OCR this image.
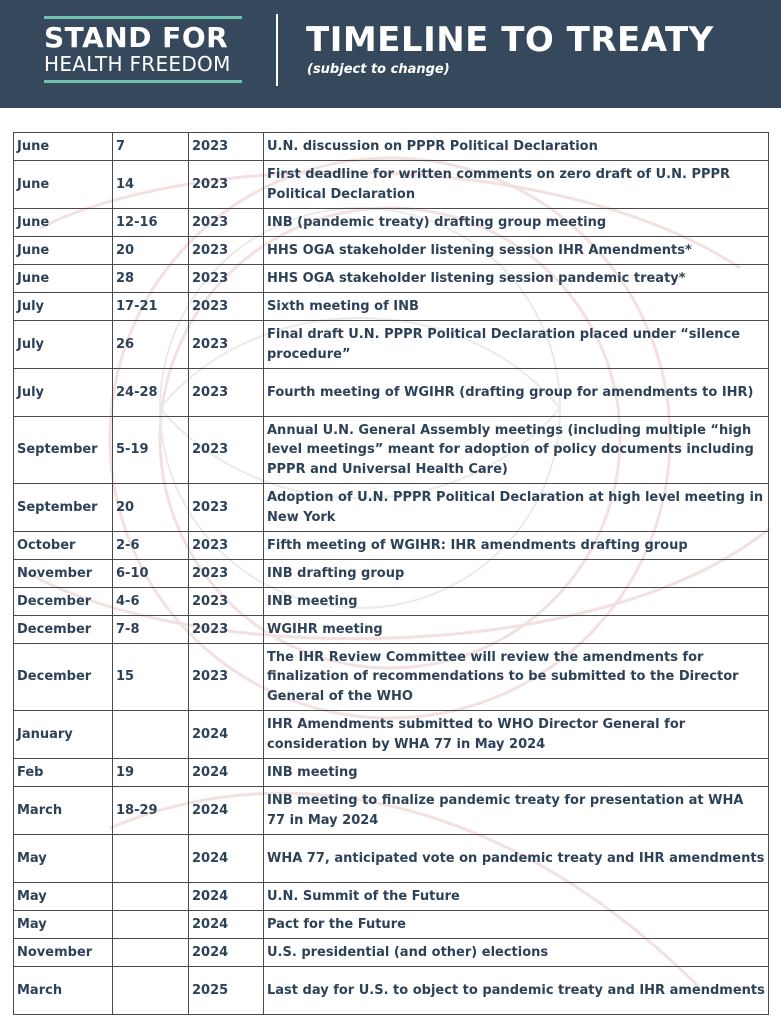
STAND FOR
HEALTH FREEDOM
TIMELINE TO TREATY
(subject to change)
June	7	2023	U.N. discussion on PPPR Political Declaration
June	14	2023	First deadline for written comments on zero draft of U.N. PPPR Political Declaration
June	12-16	2023	INB (pandemic treaty) drafting group meeting
June	20	2023	HHS OGA stakeholder listening session IHR Amendments*
June	28	2023	HHS OGA stakeholder listening session pandemic treaty*
July	17-21	2023	Sixth meeting of INB
July	26	2023	Final draft U.N. PPPR Political Declaration placed under “silence procedure”
July	24-28	2023	Fourth meeting of WGIHR (drafting group for amendments to IHR)
September	5-19	2023	Annual U.N. General Assembly meetings (including multiple “high level meetings” meant for adoption of policy documents including PPPR and Universal Health Care)
September	20	2023	Adoption of U.N. PPPR Political Declaration at high level meeting in New York
October	2-6	2023	Fifth meeting of WGIHR: IHR amendments drafting group
November	6-10	2023	INB drafting group
December	4-6	2023	INB meeting
December	7-8	2023	WGIHR meeting
December	15	2023	The IHR Review Committee will review the amendments for finalization of recommendations to be submitted to the Director General of the WHO
January		2024	IHR Amendments submitted to WHO Director General for consideration by WHA 77 in May 2024
Feb	19	2024	INB meeting
March	18-29	2024	INB meeting to finalize pandemic treaty for presentation at WHA 77 in May 2024
May		2024	WHA 77, anticipated vote on pandemic treaty and IHR amendments
May		2024	U.N. Summit of the Future
May		2024	Pact for the Future
November		2024	U.S. presidential (and other) elections
March		2025	Last day for U.S. to object to pandemic treaty and IHR amendments
